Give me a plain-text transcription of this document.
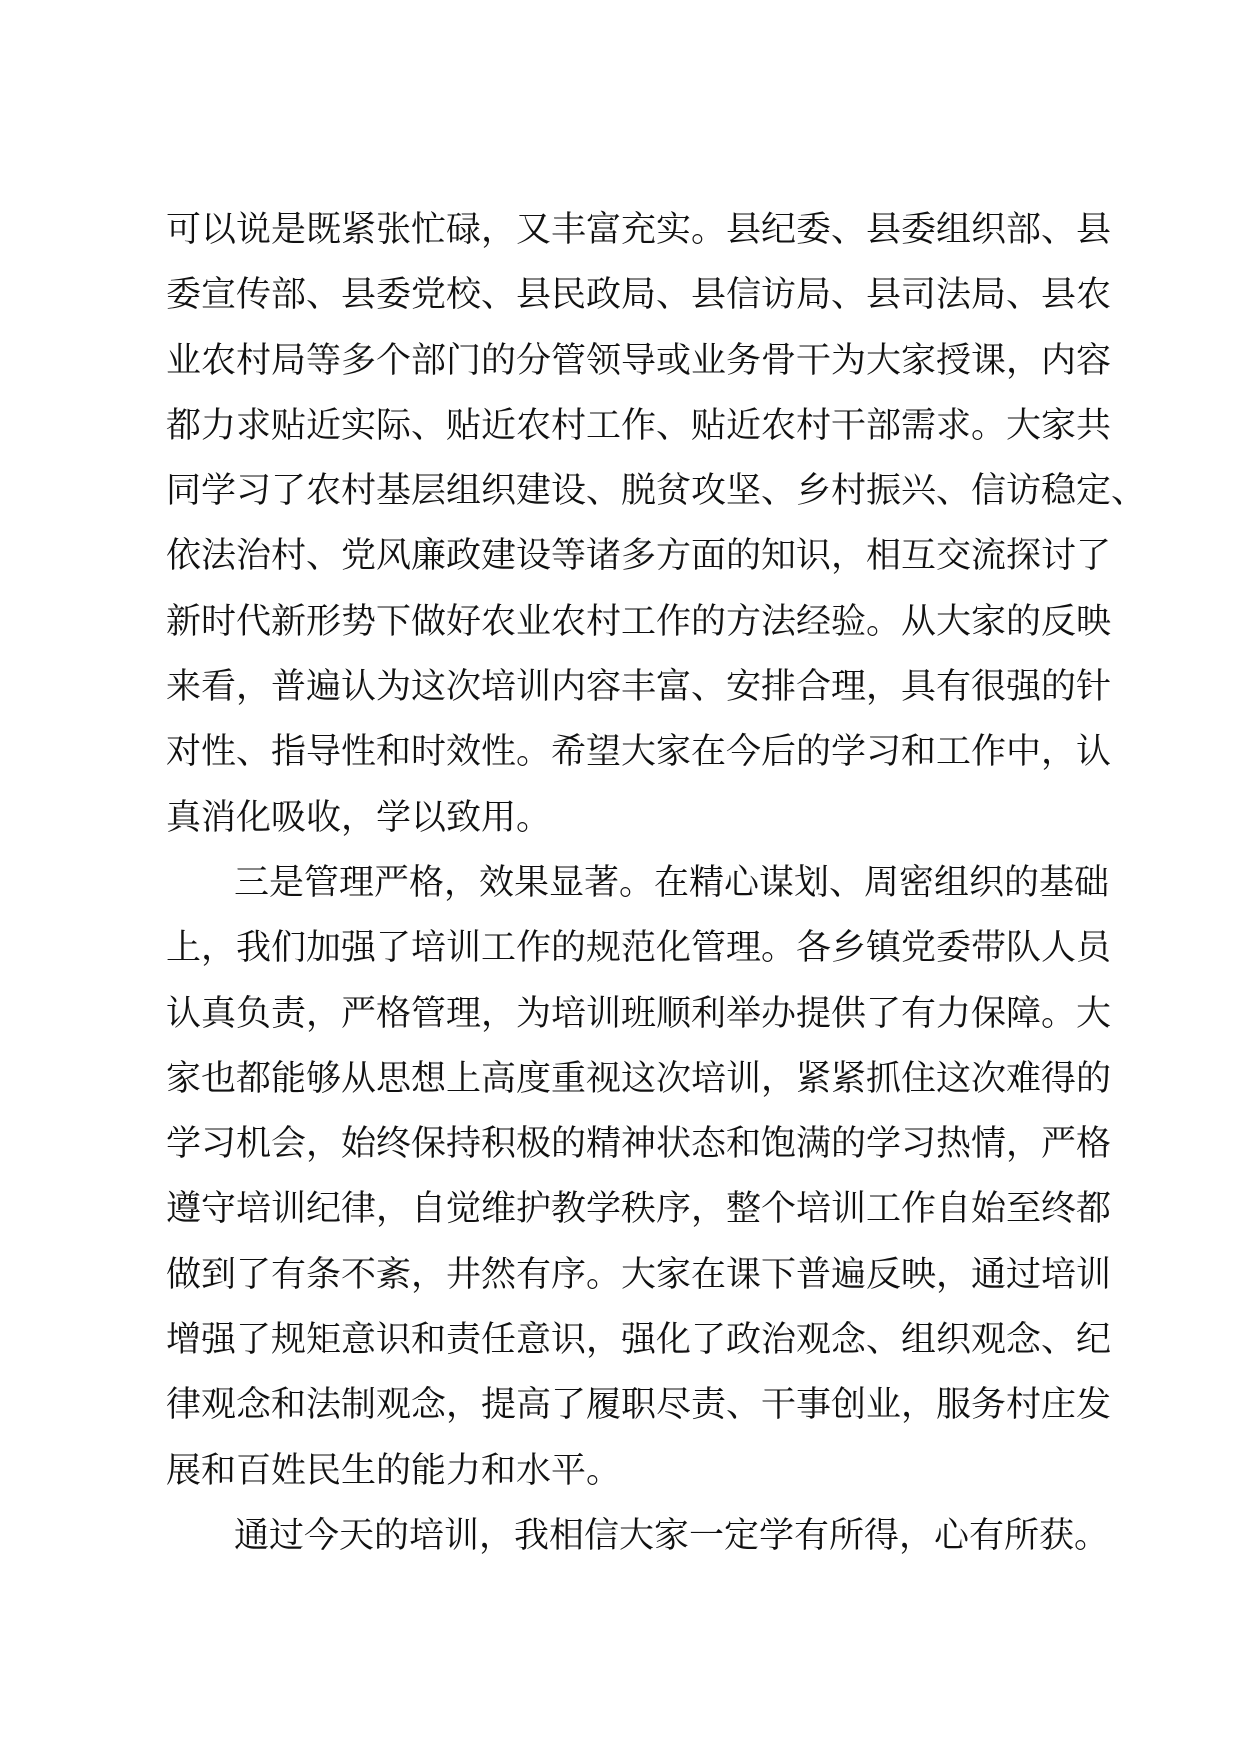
可以说是既紧张忙碌，又丰富充实。县纪委、县委组织部、县
委宣传部、县委党校、县民政局、县信访局、县司法局、县农
业农村局等多个部门的分管领导或业务骨干为大家授课，内容
都力求贴近实际、贴近农村工作、贴近农村干部需求。大家共
同学习了农村基层组织建设、脱贫攻坚、乡村振兴、信访稳定、
依法治村、党风廉政建设等诸多方面的知识，相互交流探讨了
新时代新形势下做好农业农村工作的方法经验。从大家的反映
来看，普遍认为这次培训内容丰富、安排合理，具有很强的针
对性、指导性和时效性。希望大家在今后的学习和工作中，认
真消化吸收，学以致用。
三是管理严格，效果显著。在精心谋划、周密组织的基础
上，我们加强了培训工作的规范化管理。各乡镇党委带队人员
认真负责，严格管理，为培训班顺利举办提供了有力保障。大
家也都能够从思想上高度重视这次培训，紧紧抓住这次难得的
学习机会，始终保持积极的精神状态和饱满的学习热情，严格
遵守培训纪律，自觉维护教学秩序，整个培训工作自始至终都
做到了有条不紊，井然有序。大家在课下普遍反映，通过培训
增强了规矩意识和责任意识，强化了政治观念、组织观念、纪
律观念和法制观念，提高了履职尽责、干事创业，服务村庄发
展和百姓民生的能力和水平。
通过今天的培训，我相信大家一定学有所得，心有所获。
